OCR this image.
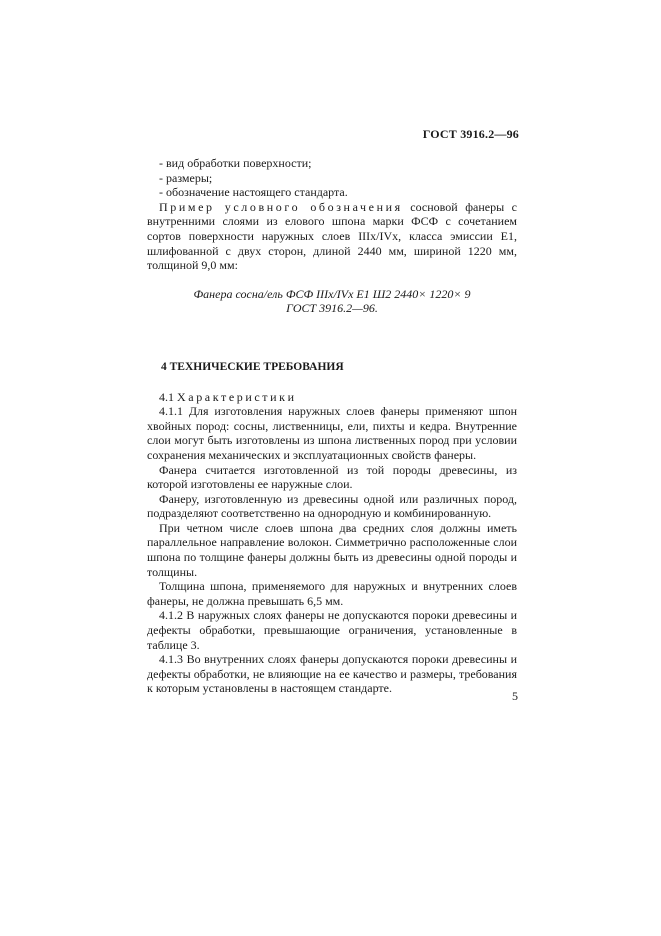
ГОСТ 3916.2—96

- вид обработки поверхности;

- размеры;

- обозначение настоящего стандарта.

Пример условного обозначения сосновой фанеры с внутренними слоями из елового шпона марки ФСФ с сочетанием сортов поверхности наружных слоев IIIx/IVx, класса эмиссии Е1, шлифованной с двух сторон, длиной 2440 мм, шириной 1220 мм, толщиной 9,0 мм:

Фанера сосна/ель ФСФ IIIx/IVx Е1 Ш2 2440× 1220× 9
ГОСТ 3916.2—96.

4 ТЕХНИЧЕСКИЕ ТРЕБОВАНИЯ

4.1 Характеристики

4.1.1 Для изготовления наружных слоев фанеры применяют шпон хвойных пород: сосны, лиственницы, ели, пихты и кедра. Внутренние слои могут быть изготовлены из шпона лиственных пород при условии сохранения механических и эксплуатационных свойств фанеры.

Фанера считается изготовленной из той породы древесины, из которой изготовлены ее наружные слои.

Фанеру, изготовленную из древесины одной или различных пород, подразделяют соответственно на однородную и комбинированную.

При четном числе слоев шпона два средних слоя должны иметь параллельное направление волокон. Симметрично расположенные слои шпона по толщине фанеры должны быть из древесины одной породы и толщины.

Толщина шпона, применяемого для наружных и внутренних слоев фанеры, не должна превышать 6,5 мм.

4.1.2 В наружных слоях фанеры не допускаются пороки древесины и дефекты обработки, превышающие ограничения, установленные в таблице 3.

4.1.3 Во внутренних слоях фанеры допускаются пороки древесины и дефекты обработки, не влияющие на ее качество и размеры, требования к которым установлены в настоящем стандарте.

5
